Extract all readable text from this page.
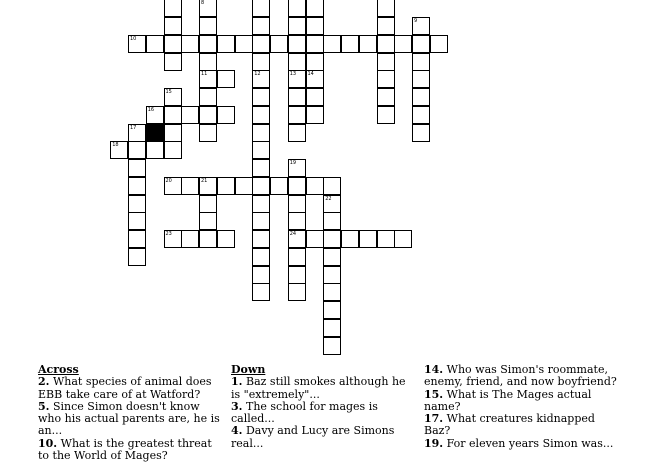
9
10
11	12	13 14
15
16
17
18
19
20	21
22
23	24
8
Across
2. What species of animal does EBB take care of at Watford?
5. Since Simon doesn't know who his actual parents are, he is an...
10. What is the greatest threat to the World of Mages?
Down
1. Baz still smokes although he is "extremely"...
3. The school for mages is called...
4. Davy and Lucy are Simons real...
14. Who was Simon's roommate, enemy, friend, and now boyfriend?
15. What is The Mages actual name?
17. What creatures kidnapped Baz?
19. For eleven years Simon was...
